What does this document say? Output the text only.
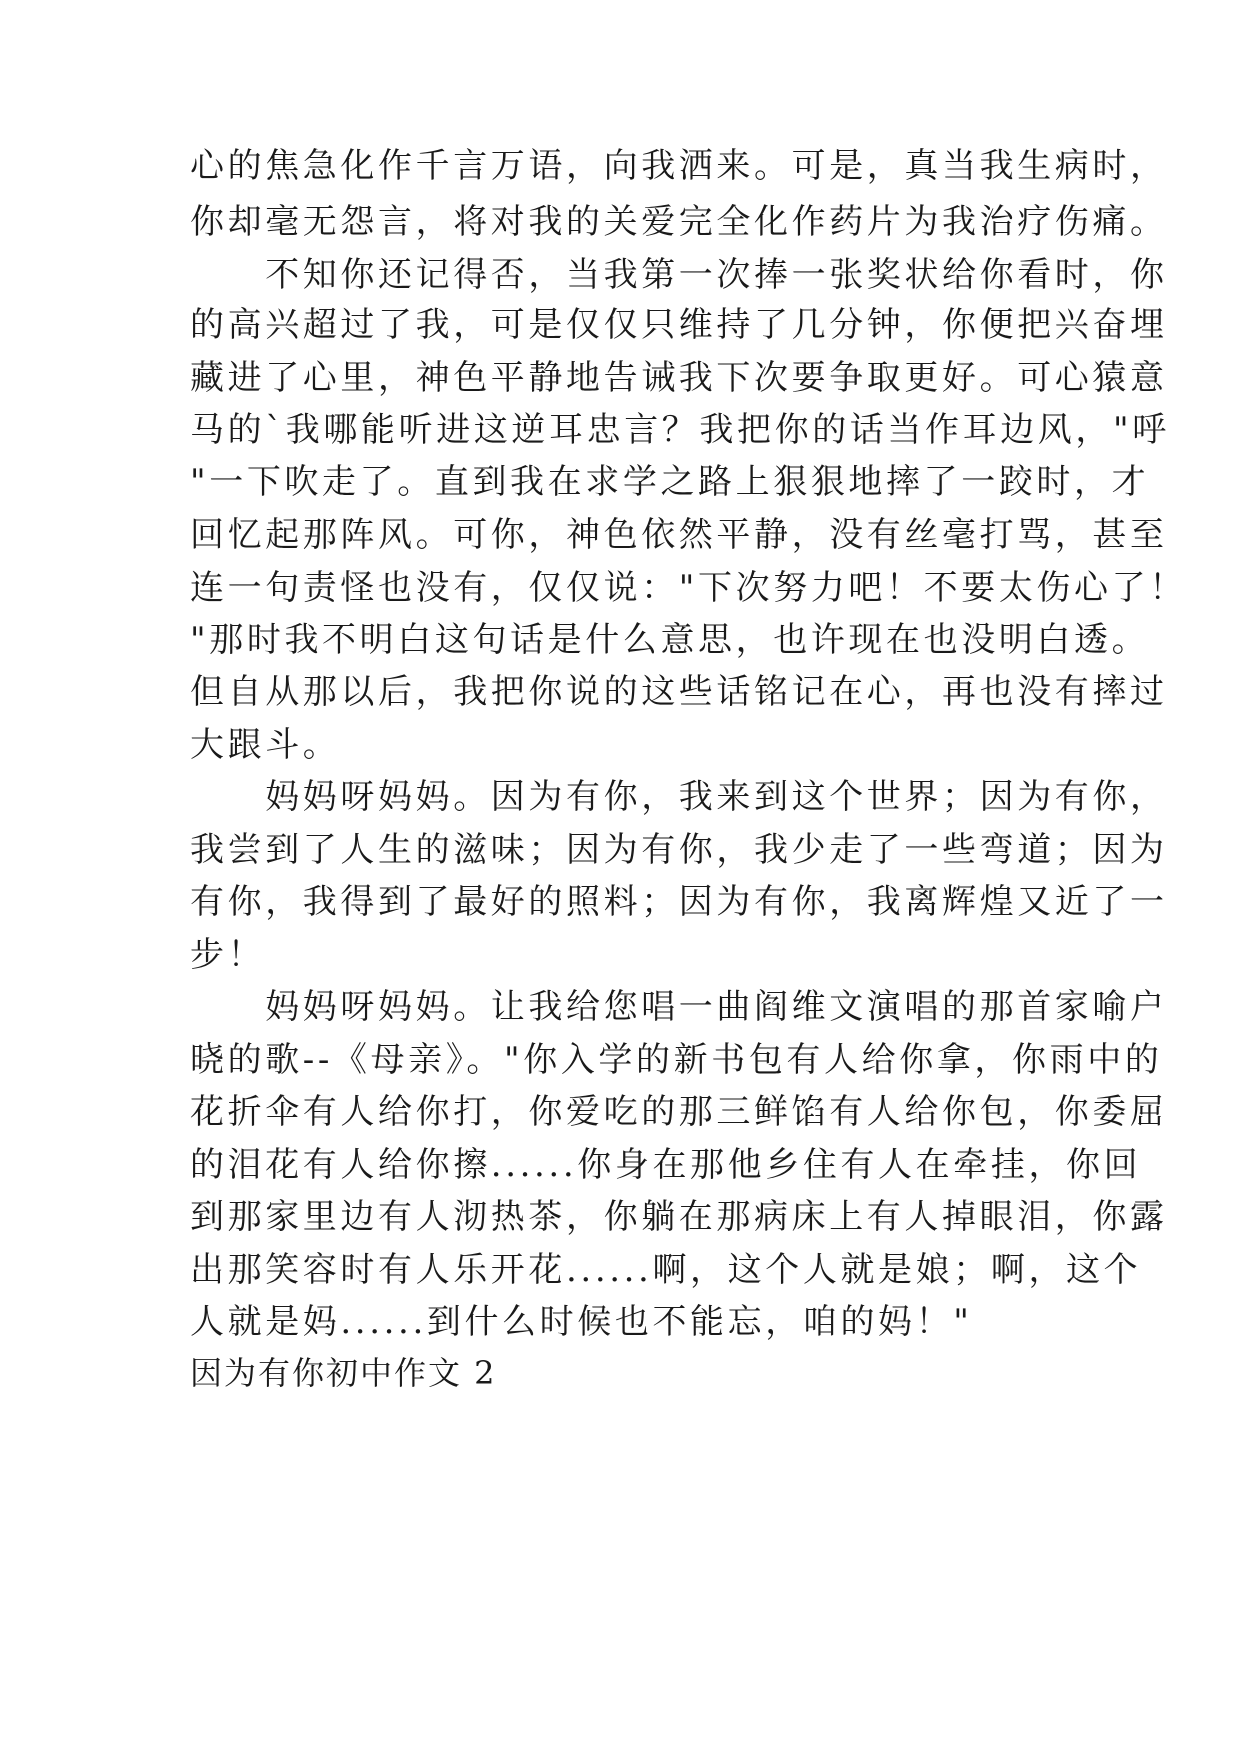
心的焦急化作千言万语，向我洒来。可是，真当我生病时，
你却毫无怨言，将对我的关爱完全化作药片为我治疗伤痛。
　　不知你还记得否，当我第一次捧一张奖状给你看时，你
的高兴超过了我，可是仅仅只维持了几分钟，你便把兴奋埋
藏进了心里，神色平静地告诫我下次要争取更好。可心猿意
马的`我哪能听进这逆耳忠言？我把你的话当作耳边风，"呼
"一下吹走了。直到我在求学之路上狠狠地摔了一跤时，才
回忆起那阵风。可你，神色依然平静，没有丝毫打骂，甚至
连一句责怪也没有，仅仅说："下次努力吧！不要太伤心了！
"那时我不明白这句话是什么意思，也许现在也没明白透。
但自从那以后，我把你说的这些话铭记在心，再也没有摔过
大跟斗。
　　妈妈呀妈妈。因为有你，我来到这个世界；因为有你，
我尝到了人生的滋味；因为有你，我少走了一些弯道；因为
有你，我得到了最好的照料；因为有你，我离辉煌又近了一
步！
　　妈妈呀妈妈。让我给您唱一曲阎维文演唱的那首家喻户
晓的歌--《母亲》。"你入学的新书包有人给你拿，你雨中的
花折伞有人给你打，你爱吃的那三鲜馅有人给你包，你委屈
的泪花有人给你擦......你身在那他乡住有人在牵挂，你回
到那家里边有人沏热茶，你躺在那病床上有人掉眼泪，你露
出那笑容时有人乐开花......啊，这个人就是娘；啊，这个
人就是妈......到什么时候也不能忘，咱的妈！"
因为有你初中作文 2
